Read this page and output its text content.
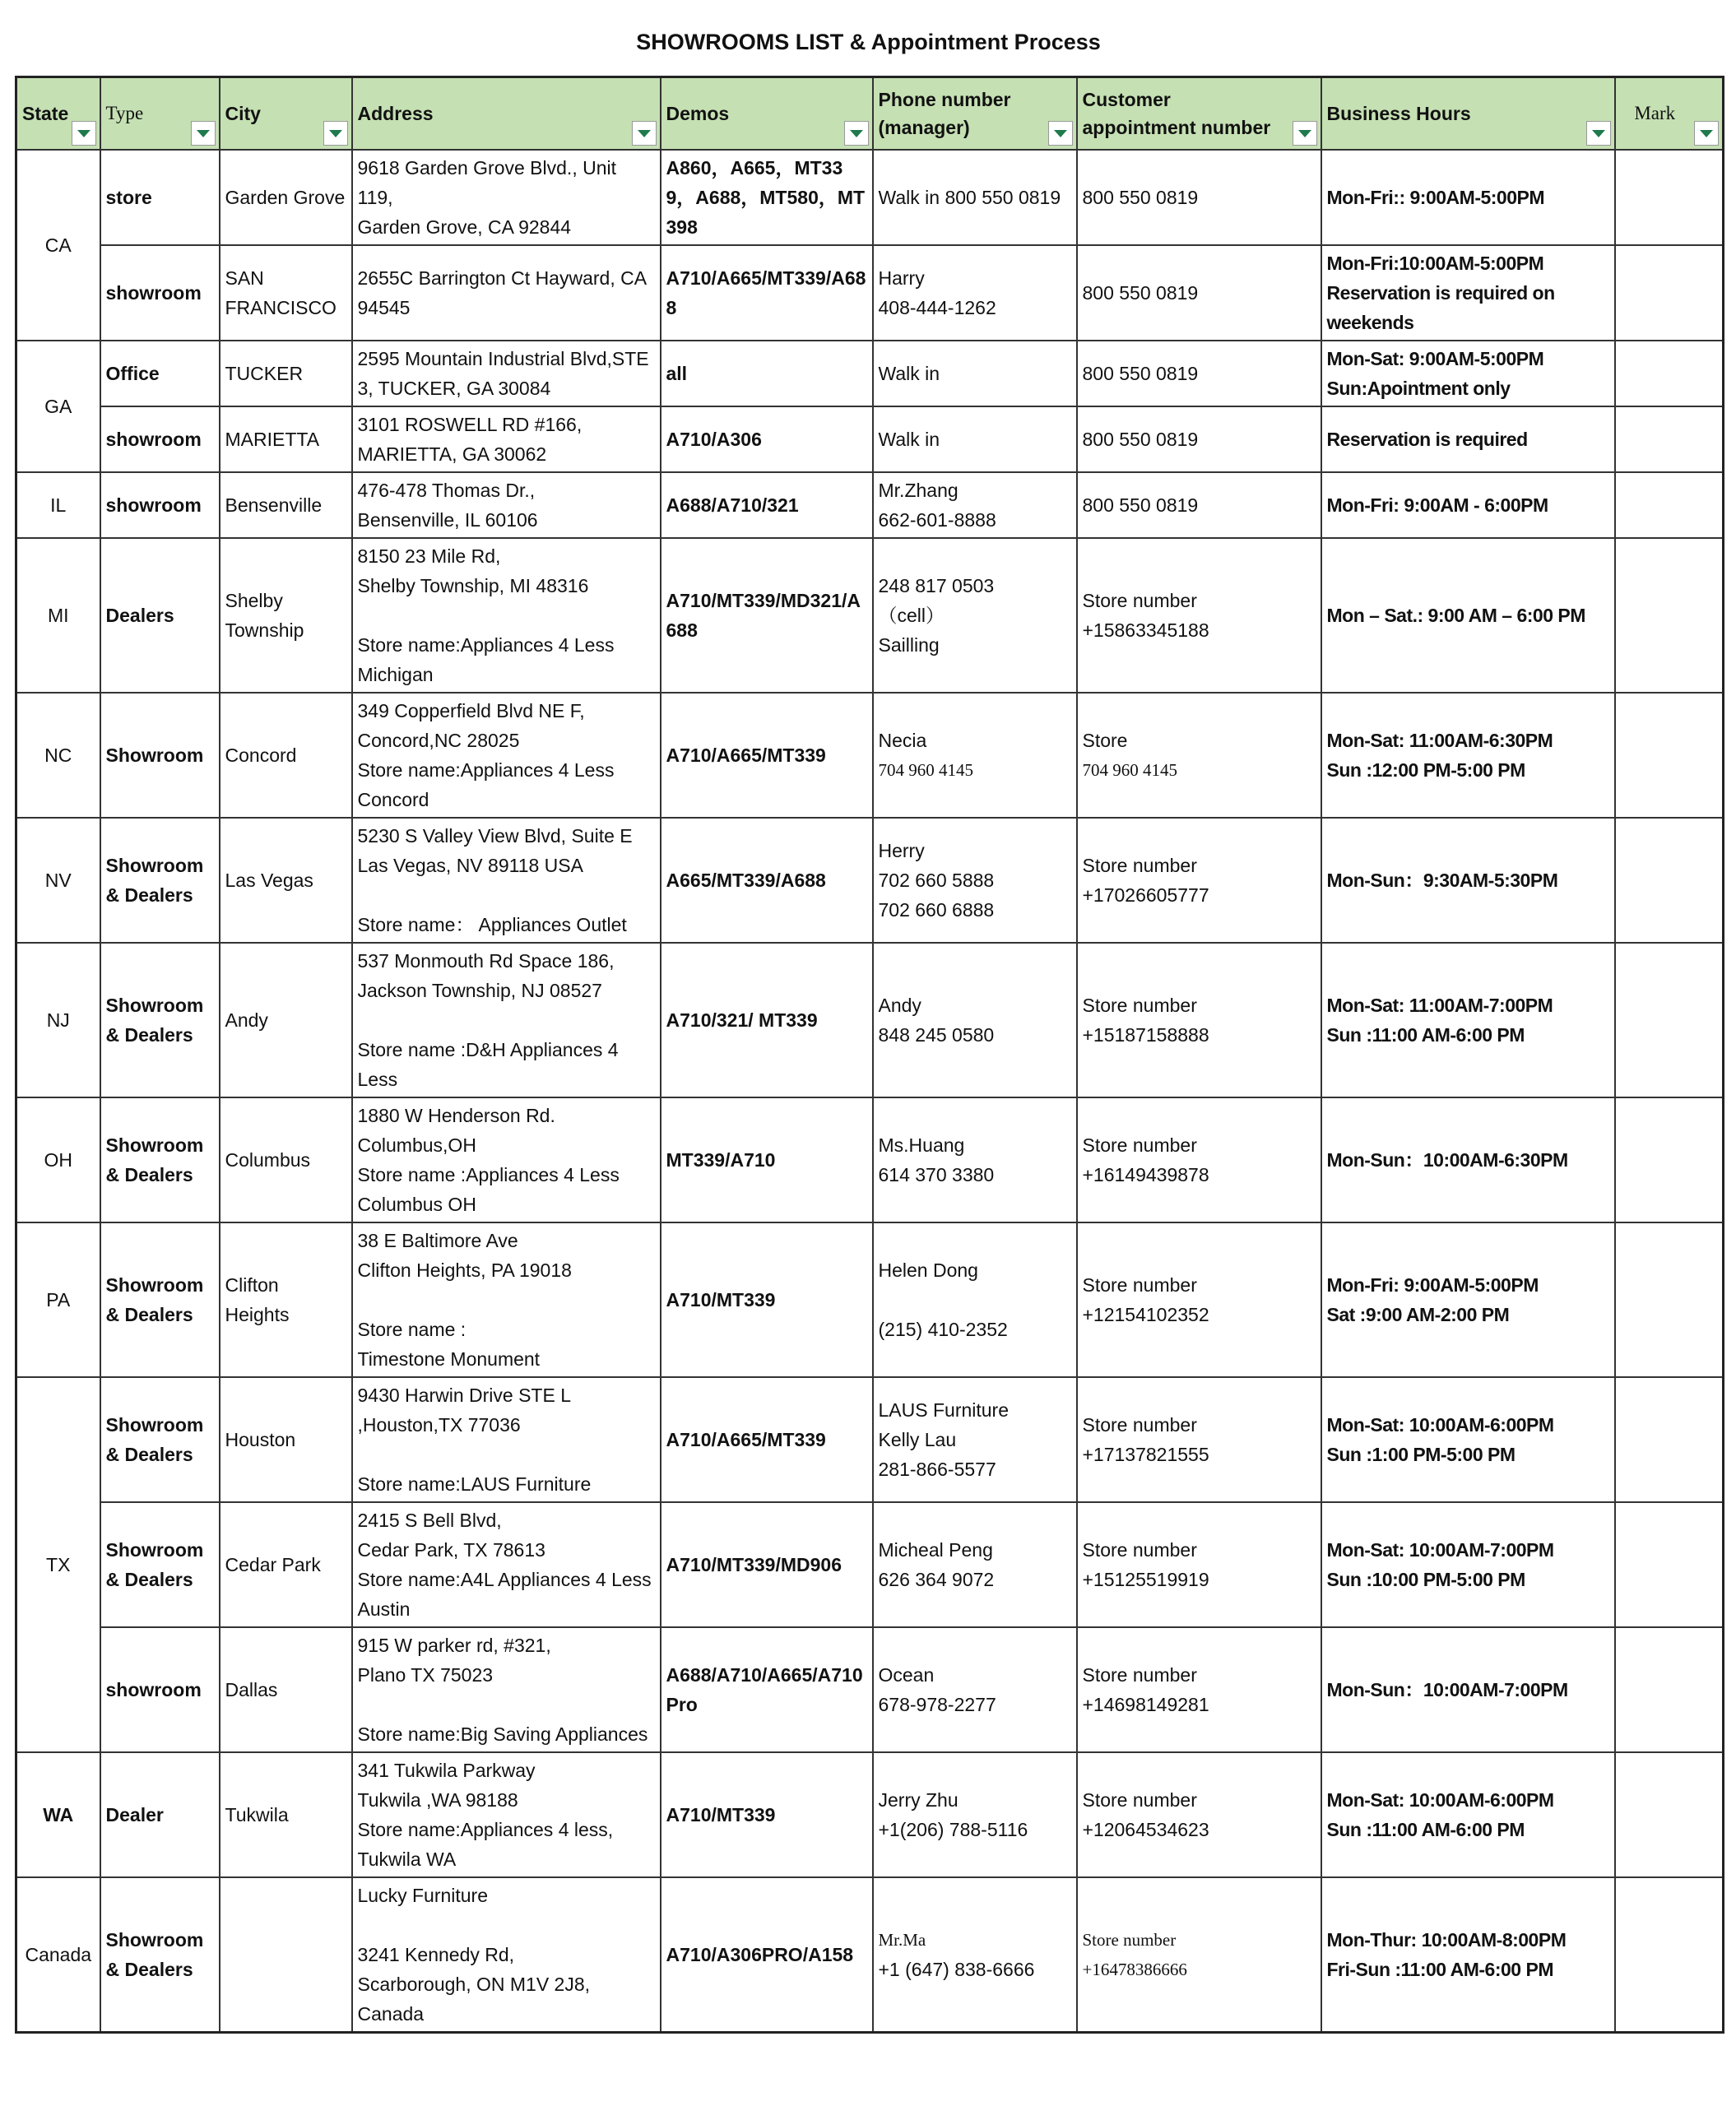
SHOWROOMS LIST & Appointment Process
State	Type	City	Address	Demos	Phone number (manager)	Customer appointment number	Business Hours	Mark

CA	store	Garden Grove	9618 Garden Grove Blvd., Unit 119,
Garden Grove, CA 92844	A860，A665，MT339，A688，MT580，MT398	Walk in 800 550 0819	800 550 0819	Mon-Fri:: 9:00AM-5:00PM	

	showroom	SAN FRANCISCO	2655C Barrington Ct Hayward, CA 94545	A710/A665/MT339/A688	Harry
408-444-1262	800 550 0819	Mon-Fri:10:00AM-5:00PM
Reservation is required on weekends	

GA	Office	TUCKER	2595 Mountain Industrial Blvd,STE 3, TUCKER, GA 30084	all	Walk in	800 550 0819	Mon-Sat: 9:00AM-5:00PM
Sun:Apointment only	

	showroom	MARIETTA	3101 ROSWELL RD #166,
MARIETTA, GA 30062	A710/A306	Walk in	800 550 0819	Reservation is required	

IL	showroom	Bensenville	476-478 Thomas Dr.,
Bensenville, IL 60106	A688/A710/321	Mr.Zhang
662-601-8888	800 550 0819	Mon-Fri: 9:00AM - 6:00PM	

MI	Dealers	Shelby Township	8150 23 Mile Rd,
Shelby Township, MI 48316
Store name:Appliances 4 Less Michigan	A710/MT339/MD321/A688	248 817 0503
（cell）
Sailling	Store number
+15863345188	Mon – Sat.: 9:00 AM – 6:00 PM	

NC	Showroom	Concord	349 Copperfield Blvd NE F,
Concord,NC 28025
Store name:Appliances 4 Less Concord	A710/A665/MT339	Necia
704 960 4145	Store
704 960 4145	Mon-Sat: 11:00AM-6:30PM
Sun :12:00 PM-5:00 PM	

NV	Showroom & Dealers	Las Vegas	5230 S Valley View Blvd, Suite E
Las Vegas, NV 89118 USA
Store name： Appliances Outlet	A665/MT339/A688	Herry
702 660 5888
702 660 6888	Store number
+17026605777	Mon-Sun：9:30AM-5:30PM	

NJ	Showroom & Dealers	Andy	537 Monmouth Rd Space 186,
Jackson Township, NJ 08527
Store name :D&H Appliances 4 Less	A710/321/ MT339	Andy
848 245 0580	Store number
+15187158888	Mon-Sat: 11:00AM-7:00PM
Sun :11:00 AM-6:00 PM	

OH	Showroom & Dealers	Columbus	1880 W Henderson Rd.
Columbus,OH
Store name :Appliances 4 Less Columbus OH	MT339/A710	Ms.Huang
614 370 3380	Store number
+16149439878	Mon-Sun：10:00AM-6:30PM	

PA	Showroom & Dealers	Clifton Heights	38 E Baltimore Ave
Clifton Heights, PA 19018
Store name :
Timestone Monument	A710/MT339	Helen Dong
(215) 410-2352	Store number
+12154102352	Mon-Fri: 9:00AM-5:00PM
Sat :9:00 AM-2:00 PM	

TX	Showroom & Dealers	Houston	9430 Harwin Drive STE L
,Houston,TX 77036
Store name:LAUS Furniture	A710/A665/MT339	LAUS Furniture
Kelly Lau
281-866-5577	Store number
+17137821555	Mon-Sat: 10:00AM-6:00PM
Sun :1:00 PM-5:00 PM	

	Showroom & Dealers	Cedar Park	2415 S Bell Blvd,
Cedar Park, TX 78613
Store name:A4L Appliances 4 Less Austin	A710/MT339/MD906	Micheal Peng
626 364 9072	Store number
+15125519919	Mon-Sat: 10:00AM-7:00PM
Sun :10:00 PM-5:00 PM	

	showroom	Dallas	915 W parker rd, #321,
Plano TX 75023
Store name:Big Saving Appliances	A688/A710/A665/A710 Pro	Ocean
678-978-2277	Store number
+14698149281	Mon-Sun：10:00AM-7:00PM	

WA	Dealer	Tukwila	341 Tukwila Parkway
Tukwila ,WA 98188
Store name:Appliances 4 less, Tukwila WA	A710/MT339	Jerry Zhu
+1(206) 788-5116	Store number
+12064534623	Mon-Sat: 10:00AM-6:00PM
Sun :11:00 AM-6:00 PM	

Canada	Showroom & Dealers		Lucky Furniture
3241 Kennedy Rd,
Scarborough, ON M1V 2J8,
Canada	A710/A306PRO/A158	Mr.Ma
+1 (647) 838-6666	Store number
+16478386666	Mon-Thur: 10:00AM-8:00PM
Fri-Sun :11:00 AM-6:00 PM	
